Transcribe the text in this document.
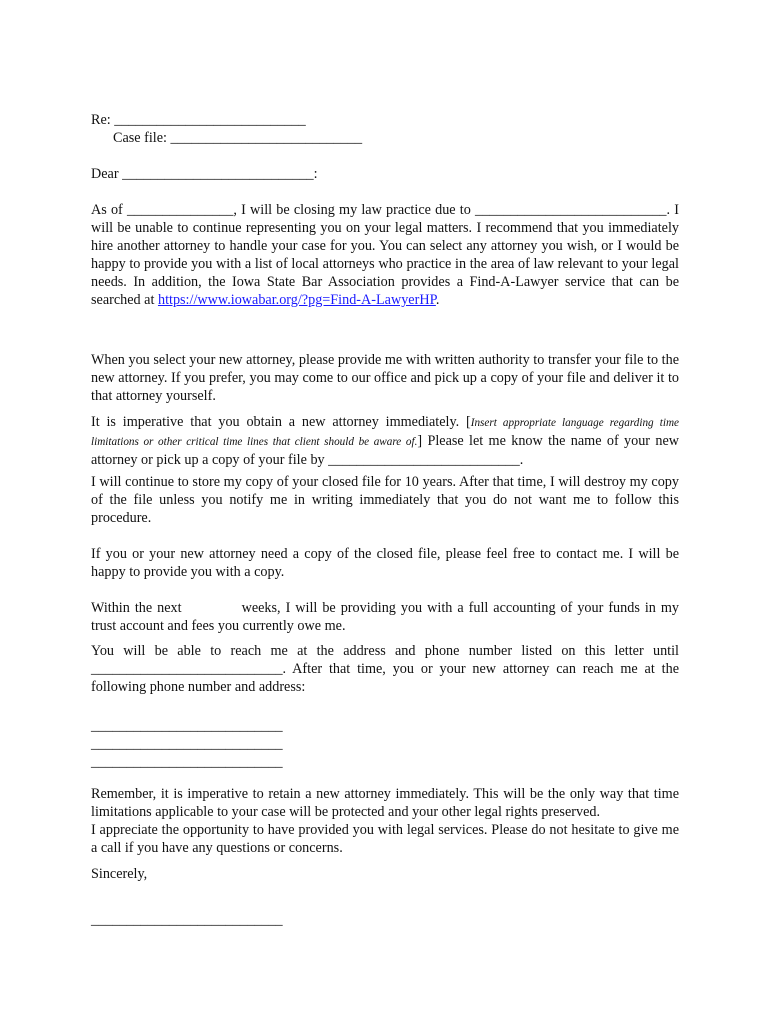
Re: ___________________________

Case file: ___________________________

Dear ___________________________:

As of _______________, I will be closing my law practice due to ___________________________. I will be unable to continue representing you on your legal matters. I recommend that you immediately hire another attorney to handle your case for you. You can select any attorney you wish, or I would be happy to provide you with a list of local attorneys who practice in the area of law relevant to your legal needs. In addition, the Iowa State Bar Association provides a Find-A-Lawyer service that can be searched at https://www.iowabar.org/?pg=Find-A-LawyerHP.

When you select your new attorney, please provide me with written authority to transfer your file to the new attorney. If you prefer, you may come to our office and pick up a copy of your file and deliver it to that attorney yourself.

It is imperative that you obtain a new attorney immediately. [Insert appropriate language regarding time limitations or other critical time lines that client should be aware of.] Please let me know the name of your new attorney or pick up a copy of your file by ___________________________.

I will continue to store my copy of your closed file for 10 years. After that time, I will destroy my copy of the file unless you notify me in writing immediately that you do not want me to follow this procedure.

If you or your new attorney need a copy of the closed file, please feel free to contact me. I will be happy to provide you with a copy.

Within the next	weeks, I will be providing you with a full accounting of your funds in my trust account and fees you currently owe me.

You will be able to reach me at the address and phone number listed on this letter until ___________________________. After that time, you or your new attorney can reach me at the following phone number and address:

___________________________

___________________________

___________________________

Remember, it is imperative to retain a new attorney immediately. This will be the only way that time limitations applicable to your case will be protected and your other legal rights preserved.

I appreciate the opportunity to have provided you with legal services. Please do not hesitate to give me a call if you have any questions or concerns.

Sincerely,

___________________________
